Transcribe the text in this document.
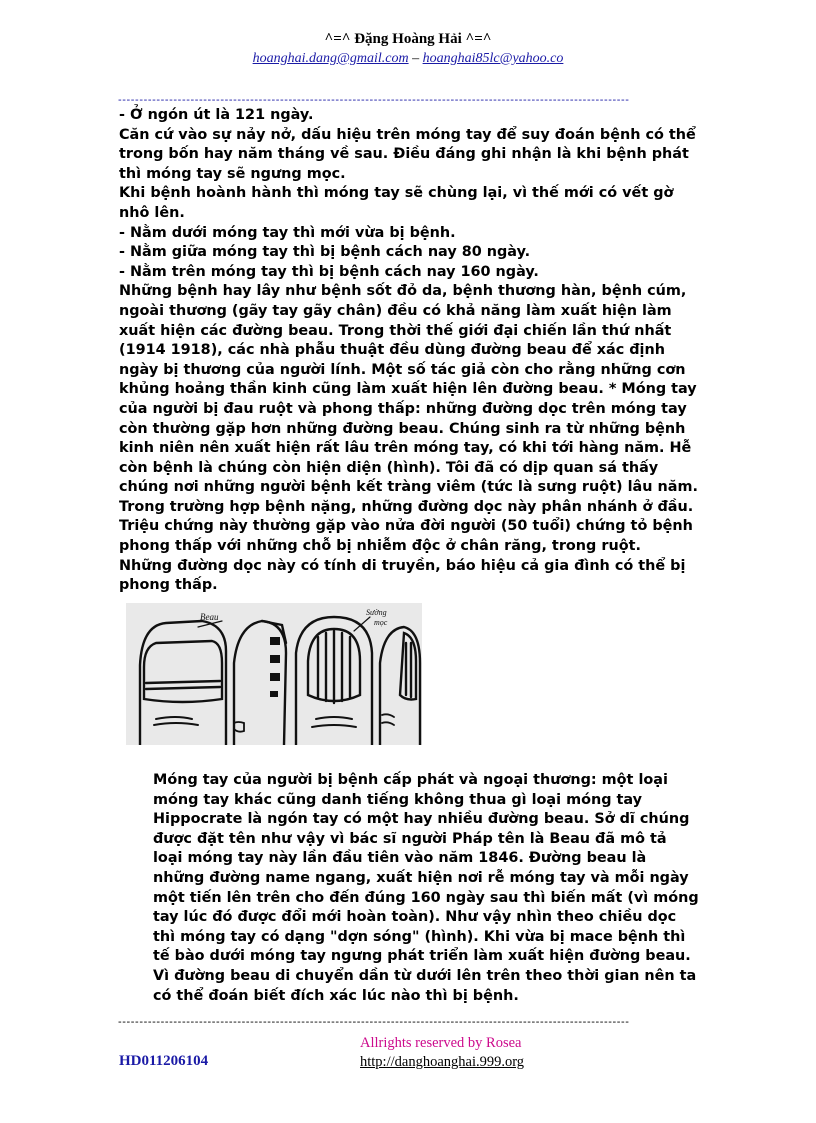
^=^ Đặng Hoàng Hải ^=^
hoanghai.dang@gmail.com – hoanghai85lc@yahoo.co
------------------------------------------------------------------------------------------------------------------------

- Ở ngón út là 121 ngày.

Căn cứ vào sự nảy nở, dấu hiệu trên móng tay để suy đoán bệnh có thể trong bốn hay năm tháng về sau. Điều đáng ghi nhận là khi bệnh phát thì móng tay sẽ ngưng mọc.

Khi bệnh hoành hành thì móng tay sẽ chùng lại, vì thế mới có vết gờ nhô lên.

- Nằm dưới móng tay thì mới vừa bị bệnh.

- Nằm giữa móng tay thì bị bệnh cách nay 80 ngày.

- Nằm trên móng tay thì bị bệnh cách nay 160 ngày.

Những bệnh hay lây như bệnh sốt đỏ da, bệnh thương hàn, bệnh cúm, ngoài thương (gãy tay gãy chân) đều có khả năng làm xuất hiện làm xuất hiện các đường beau. Trong thời thế giới đại chiến lần thứ nhất (1914 1918), các nhà phẫu thuật đều dùng đường beau để xác định ngày bị thương của người lính. Một số tác giả còn cho rằng những cơn khủng hoảng thần kinh cũng làm xuất hiện lên đường beau. * Móng tay của người bị đau ruột và phong thấp: những đường dọc trên móng tay còn thường gặp hơn những đường beau. Chúng sinh ra từ những bệnh kinh niên nên xuất hiện rất lâu trên móng tay, có khi tới hàng năm. Hễ còn bệnh là chúng còn hiện diện (hình). Tôi đã có dịp quan sá thấy chúng nơi những người bệnh kết tràng viêm (tức là sưng ruột) lâu năm. Trong trường hợp bệnh nặng, những đường dọc này phân nhánh ở đầu. Triệu chứng này thường gặp vào nửa đời người (50 tuổi) chứng tỏ bệnh phong thấp với những chỗ bị nhiễm độc ở chân răng, trong ruột. Những đường dọc này có tính di truyền, báo hiệu cả gia đình có thể bị phong thấp.

Beau	Sường
mọc

Móng tay của người bị bệnh cấp phát và ngoại thương: một loại móng tay khác cũng danh tiếng không thua gì loại móng tay Hippocrate là ngón tay có một hay nhiều đường beau. Sở dĩ chúng được đặt tên như vậy vì bác sĩ người Pháp tên là Beau đã mô tả loại móng tay này lần đầu tiên vào năm 1846. Đường beau là những đường name ngang, xuất hiện nơi rễ móng tay và mỗi ngày một tiến lên trên cho đến đúng 160 ngày sau thì biến mất (vì móng tay lúc đó được đổi mới hoàn toàn). Như vậy nhìn theo chiều dọc thì móng tay có dạng "dợn sóng" (hình). Khi vừa bị mace bệnh thì tế bào dưới móng tay ngưng phát triển làm xuất hiện đường beau. Vì đường beau di chuyển dần từ dưới lên trên theo thời gian nên ta có thể đoán biết đích xác lúc nào thì bị bệnh.

------------------------------------------------------------------------------------------------------------------------
HD011206104
Allrights reserved by Rosea
http://danghoanghai.999.org
